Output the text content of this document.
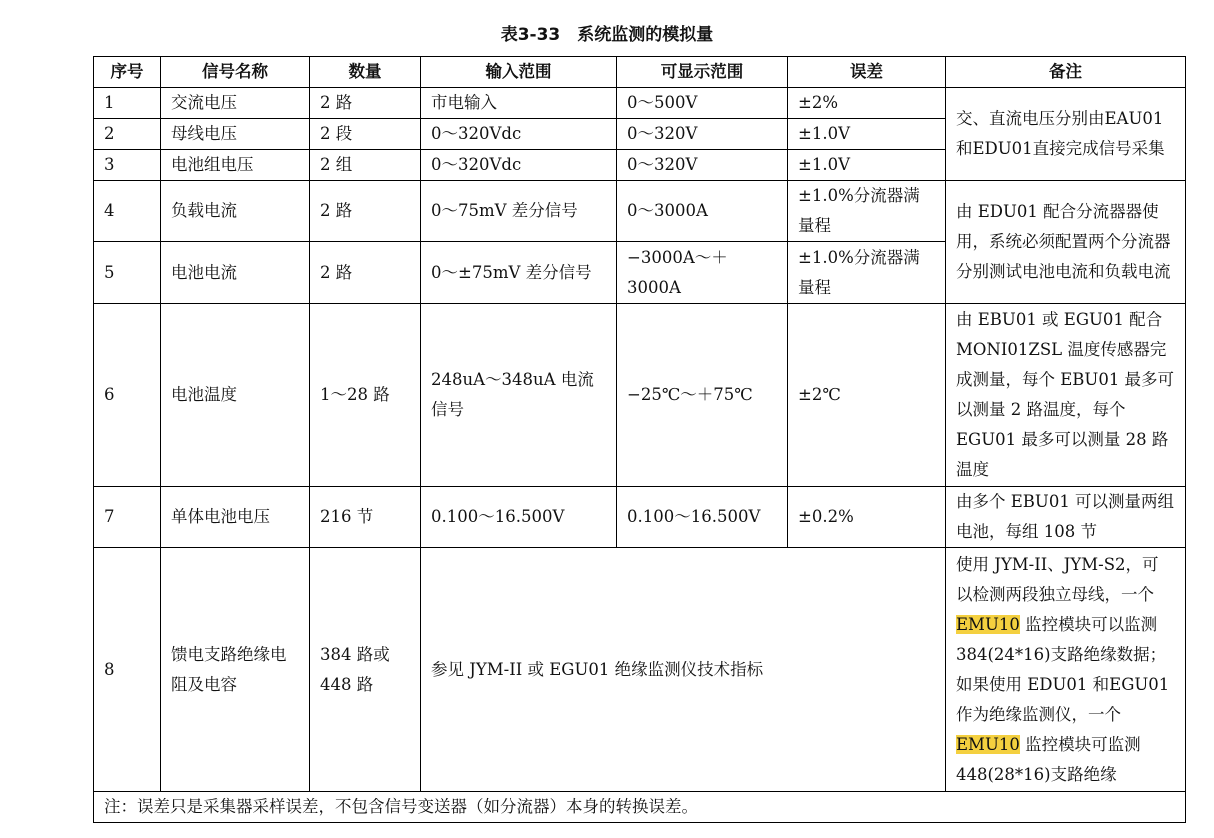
表3-33　系统监测的模拟量
序号	信号名称	数量	输入范围	可显示范围	误差	备注
1	交流电压	2 路	市电输入	0～500V	±2%	交、直流电压分别由EAU01和EDU01直接完成信号采集
2	母线电压	2 段	0～320Vdc	0～320V	±1.0V	
3	电池组电压	2 组	0～320Vdc	0～320V	±1.0V	
4	负载电流	2 路	0～75mV 差分信号	0～3000A	±1.0%分流器满量程	由 EDU01 配合分流器器使用，系统必须配置两个分流器分别测试电池电流和负载电流
5	电池电流	2 路	0～±75mV 差分信号	−3000A～＋3000A	±1.0%分流器满量程	
6	电池温度	1～28 路	248uA～348uA 电流信号	−25℃～＋75℃	±2℃	由 EBU01 或 EGU01 配合MONI01ZSL 温度传感器完成测量，每个 EBU01 最多可以测量 2 路温度，每个 EGU01 最多可以测量 28 路温度
7	单体电池电压	216 节	0.100～16.500V	0.100～16.500V	±0.2%	由多个 EBU01 可以测量两组电池，每组 108 节
8	馈电支路绝缘电阻及电容	384 路或448 路	参见 JYM-II 或 EGU01 绝缘监测仪技术指标			使用 JYM-II、JYM-S2，可以检测两段独立母线，一个 EMU10 监控模块可以监测 384(24*16)支路绝缘数据；如果使用 EDU01 和EGU01 作为绝缘监测仪，一个 EMU10 监控模块可监测 448(28*16)支路绝缘
注：误差只是采集器采样误差，不包含信号变送器（如分流器）本身的转换误差。						
